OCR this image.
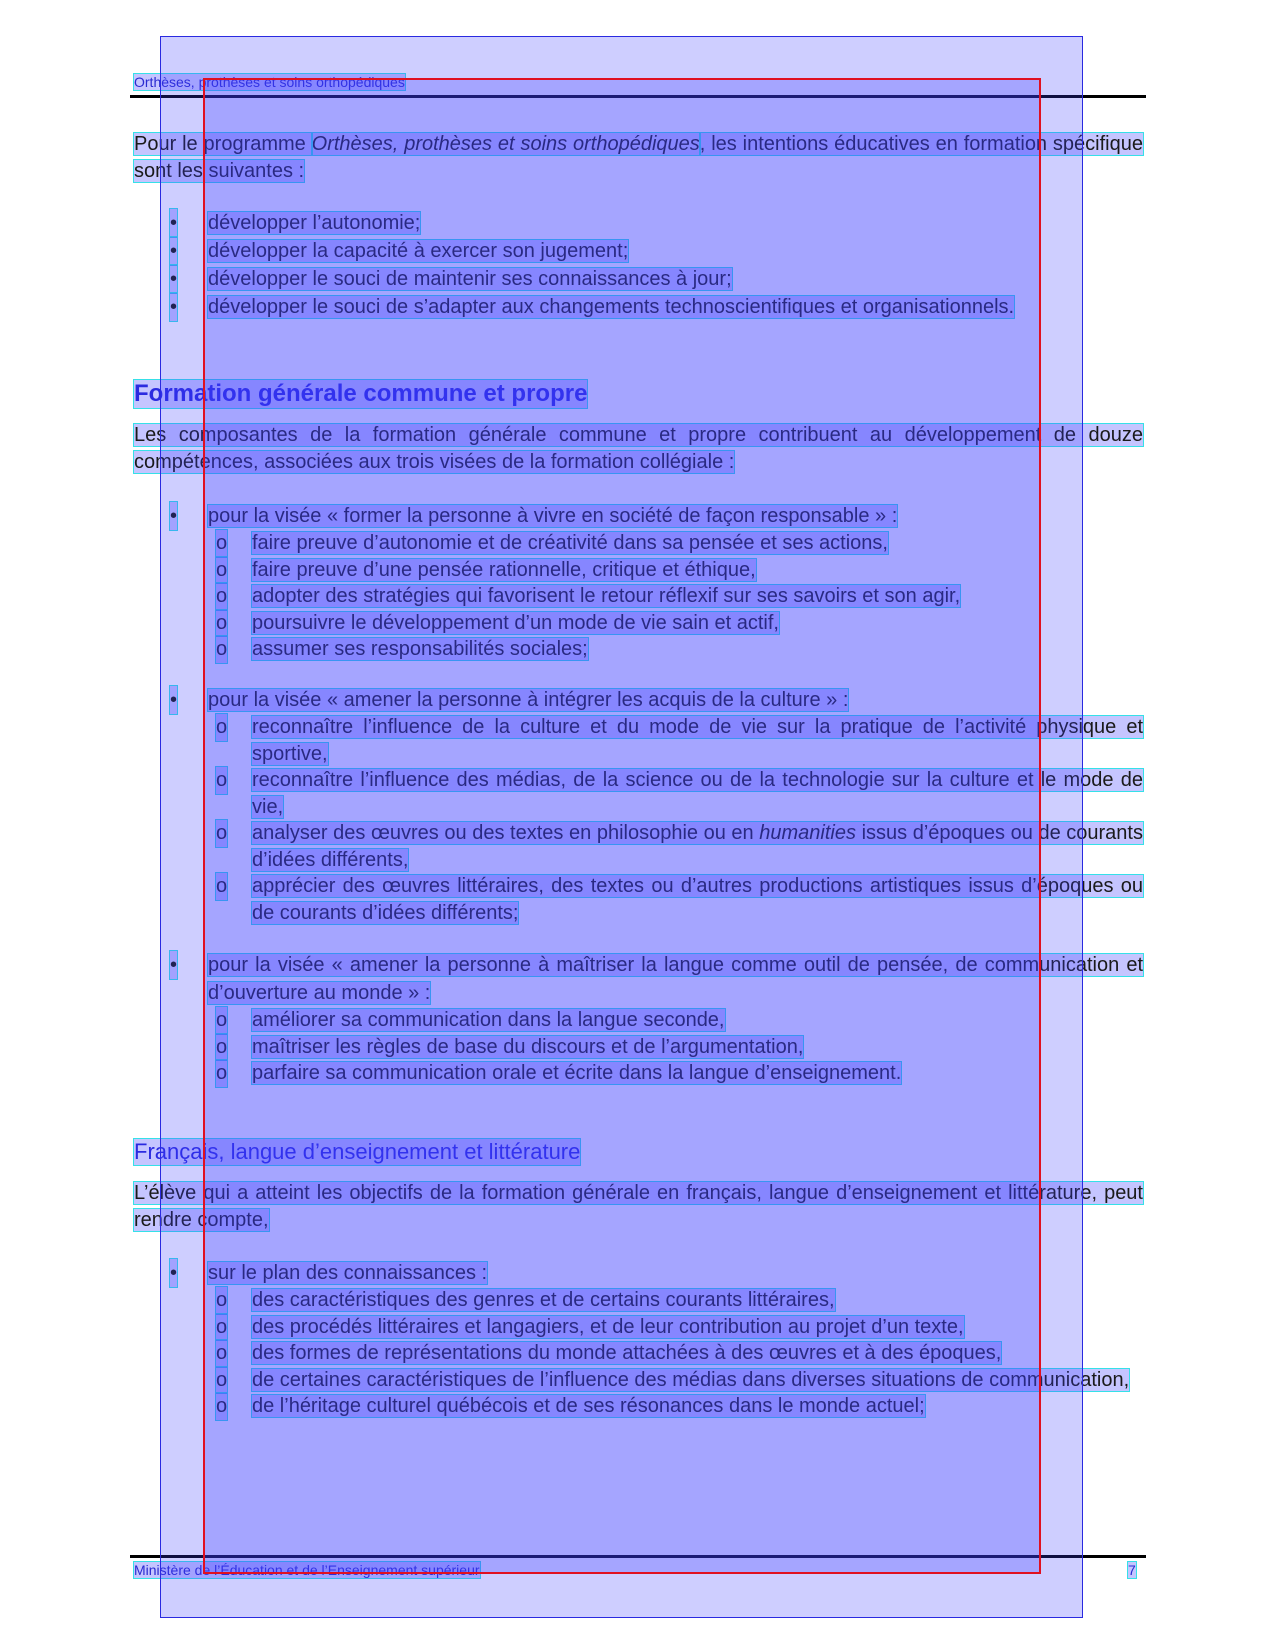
Orthèses, prothèses et soins orthopédiques
Pour le programme Orthèses, prothèses et soins orthopédiques, les intentions éducatives en formation spécifique sont les suivantes :
• développer l’autonomie;
• développer la capacité à exercer son jugement;
• développer le souci de maintenir ses connaissances à jour;
• développer le souci de s’adapter aux changements technoscientifiques et organisationnels.
Formation générale commune et propre
Les composantes de la formation générale commune et propre contribuent au développement de douze compétences, associées aux trois visées de la formation collégiale :
• pour la visée « former la personne à vivre en société de façon responsable » :
o faire preuve d’autonomie et de créativité dans sa pensée et ses actions,
o faire preuve d’une pensée rationnelle, critique et éthique,
o adopter des stratégies qui favorisent le retour réflexif sur ses savoirs et son agir,
o poursuivre le développement d’un mode de vie sain et actif,
o assumer ses responsabilités sociales;
• pour la visée « amener la personne à intégrer les acquis de la culture » :
o reconnaître l’influence de la culture et du mode de vie sur la pratique de l’activité physique et sportive,
o reconnaître l’influence des médias, de la science ou de la technologie sur la culture et le mode de vie,
o analyser des œuvres ou des textes en philosophie ou en humanities issus d’époques ou de courants d’idées différents,
o apprécier des œuvres littéraires, des textes ou d’autres productions artistiques issus d’époques ou de courants d’idées différents;
• pour la visée « amener la personne à maîtriser la langue comme outil de pensée, de communication et d’ouverture au monde » :
o améliorer sa communication dans la langue seconde,
o maîtriser les règles de base du discours et de l’argumentation,
o parfaire sa communication orale et écrite dans la langue d’enseignement.
Français, langue d’enseignement et littérature
L’élève qui a atteint les objectifs de la formation générale en français, langue d’enseignement et littérature, peut rendre compte,
• sur le plan des connaissances :
o des caractéristiques des genres et de certains courants littéraires,
o des procédés littéraires et langagiers, et de leur contribution au projet d’un texte,
o des formes de représentations du monde attachées à des œuvres et à des époques,
o de certaines caractéristiques de l’influence des médias dans diverses situations de communication,
o de l’héritage culturel québécois et de ses résonances dans le monde actuel;
Ministère de l’Éducation et de l’Enseignement supérieur	7
